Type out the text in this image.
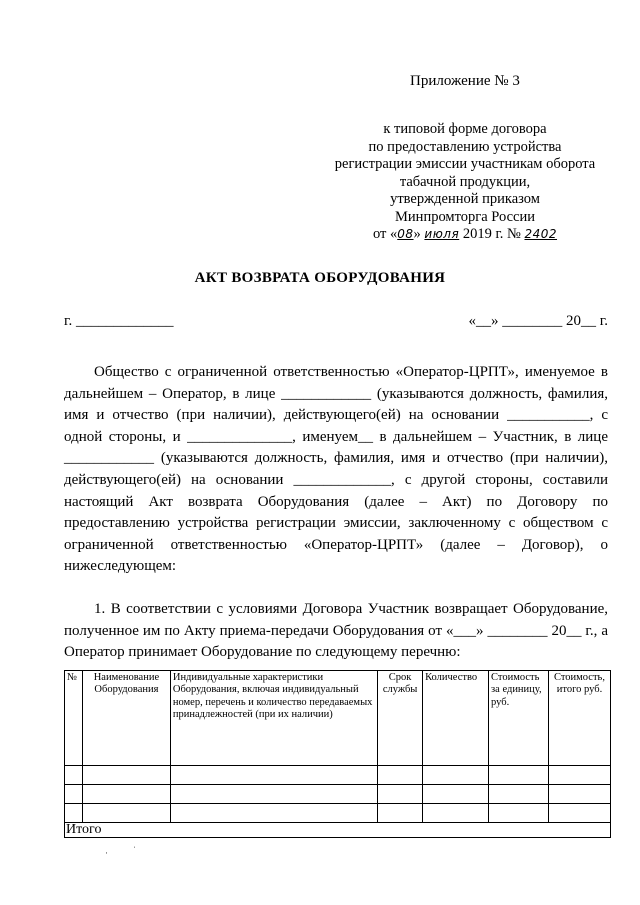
Приложение № 3
к типовой форме договора
по предоставлению устройства
регистрации эмиссии участникам оборота
табачной продукции,
утвержденной приказом
Минпромторга России
от «08» июля 2019 г. № 2402
АКТ ВОЗВРАТА ОБОРУДОВАНИЯ
г. _____________	«__» ________ 20__ г.

Общество с ограниченной ответственностью «Оператор-ЦРПТ», именуемое в дальнейшем – Оператор, в лице ____________ (указываются должность, фамилия, имя и отчество (при наличии), действующего(ей) на основании ___________, с одной стороны, и ______________, именуем__ в дальнейшем – Участник, в лице ____________ (указываются должность, фамилия, имя и отчество (при наличии), действующего(ей) на основании _____________, с другой стороны, составили настоящий Акт возврата Оборудования (далее – Акт) по Договору по предоставлению устройства регистрации эмиссии, заключенному с обществом с ограниченной ответственностью «Оператор-ЦРПТ» (далее – Договор), о нижеследующем:

1. В соответствии с условиями Договора Участник возвращает Оборудование, полученное им по Акту приема-передачи Оборудования от «___» ________ 20__ г., а Оператор принимает Оборудование по следующему перечню:

№	Наименование Оборудования	Индивидуальные характеристики Оборудования, включая индивидуальный номер, перечень и количество передаваемых принадлежностей (при их наличии)	Срок службы	Количество	Стоимость за единицу, руб.	Стоимость, итого руб.

Итого						
·	ˈ
